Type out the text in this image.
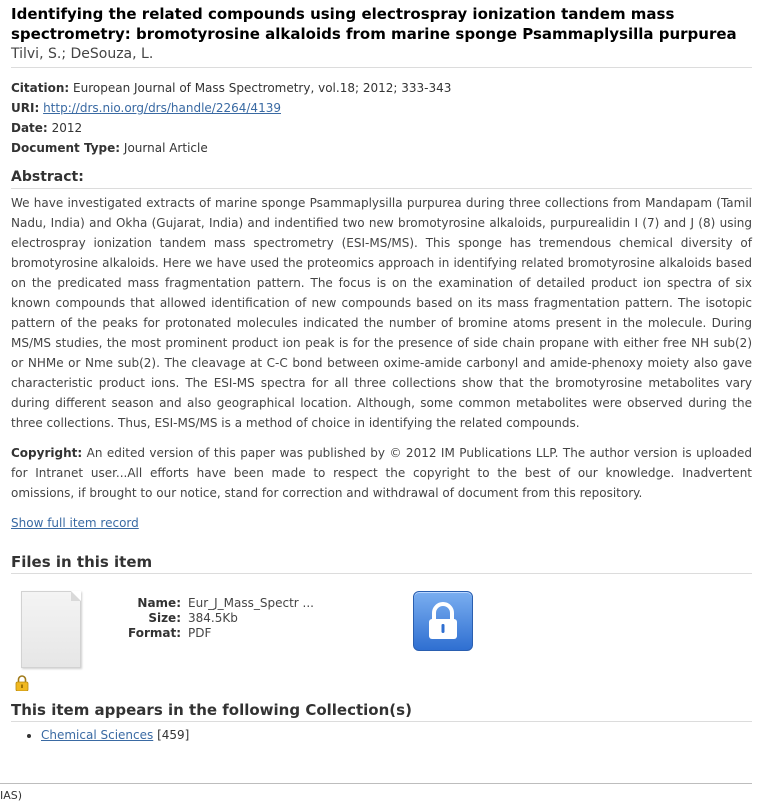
Identifying the related compounds using electrospray ionization tandem mass spectrometry: bromotyrosine alkaloids from marine sponge Psammaplysilla purpurea
Tilvi, S.; DeSouza, L.
Citation: European Journal of Mass Spectrometry, vol.18; 2012; 333-343
URI: http://drs.nio.org/drs/handle/2264/4139
Date: 2012
Document Type: Journal Article
Abstract:
We have investigated extracts of marine sponge Psammaplysilla purpurea during three collections from Mandapam (Tamil Nadu, India) and Okha (Gujarat, India) and indentified two new bromotyrosine alkaloids, purpurealidin I (7) and J (8) using electrospray ionization tandem mass spectrometry (ESI-MS/MS). This sponge has tremendous chemical diversity of bromotyrosine alkaloids. Here we have used the proteomics approach in identifying related bromotyrosine alkaloids based on the predicated mass fragmentation pattern. The focus is on the examination of detailed product ion spectra of six known compounds that allowed identification of new compounds based on its mass fragmentation pattern. The isotopic pattern of the peaks for protonated molecules indicated the number of bromine atoms present in the molecule. During MS/MS studies, the most prominent product ion peak is for the presence of side chain propane with either free NH sub(2) or NHMe or Nme sub(2). The cleavage at C-C bond between oxime-amide carbonyl and amide-phenoxy moiety also gave characteristic product ions. The ESI-MS spectra for all three collections show that the bromotyrosine metabolites vary during different season and also geographical location. Although, some common metabolites were observed during the three collections. Thus, ESI-MS/MS is a method of choice in identifying the related compounds.
Copyright: An edited version of this paper was published by © 2012 IM Publications LLP. The author version is uploaded for Intranet user...All efforts have been made to respect the copyright to the best of our knowledge. Inadvertent omissions, if brought to our notice, stand for correction and withdrawal of document from this repository.
Show full item record
Files in this item
Name: Eur_J_Mass_Spectr ...
Size: 384.5Kb
Format: PDF
This item appears in the following Collection(s)
• Chemical Sciences [459]
IAS)
